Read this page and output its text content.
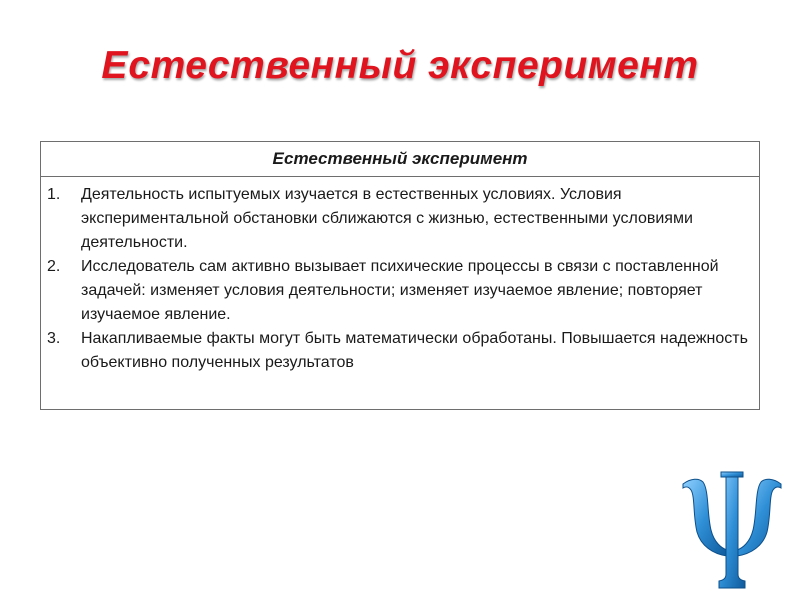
Естественный эксперимент
Естественный эксперимент
1.	Деятельность испытуемых изучается в естественных условиях. Условия экспериментальной обстановки сближаются с жизнью, естественными условиями деятельности.
2.	Исследователь сам активно вызывает психические процессы в связи с поставленной задачей: изменяет условия деятельности; изменяет изучаемое явление; повторяет изучаемое явление.
3.	Накапливаемые факты могут быть математически обработаны. Повышается надежность объективно полученных результатов
